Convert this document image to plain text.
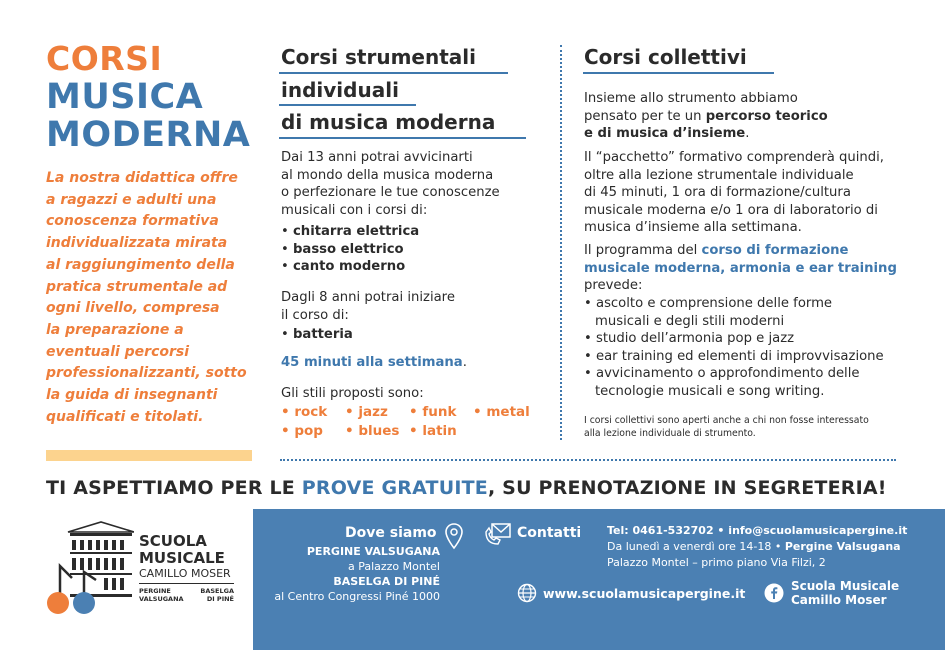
CORSI
MUSICA
MODERNA

La nostra didattica offre
a ragazzi e adulti una
conoscenza formativa
individualizzata mirata
al raggiungimento della
pratica strumentale ad
ogni livello, compresa
la preparazione a
eventuali percorsi
professionalizzanti, sotto
la guida di insegnanti
qualificati e titolati.

Corsi strumentali
individuali
di musica moderna
Dai 13 anni potrai avvicinarti
al mondo della musica moderna
o perfezionare le tue conoscenze
musicali con i corsi di:
• chitarra elettrica
• basso elettrico
• canto moderno
Dagli 8 anni potrai iniziare
il corso di:
• batteria
45 minuti alla settimana.
Gli stili proposti sono:
• rock • jazz • funk • metal
• pop • blues • latin
Corsi collettivi
Insieme allo strumento abbiamo
pensato per te un percorso teorico
e di musica d’insieme.
Il “pacchetto” formativo comprenderà quindi,
oltre alla lezione strumentale individuale
di 45 minuti, 1 ora di formazione/cultura
musicale moderna e/o 1 ora di laboratorio di
musica d’insieme alla settimana.
Il programma del corso di formazione
musicale moderna, armonia e ear training
prevede:
• ascolto e comprensione delle forme
musicali e degli stili moderni
• studio dell’armonia pop e jazz
• ear training ed elementi di improvvisazione
• avvicinamento o approfondimento delle
tecnologie musicali e song writing.
I corsi collettivi sono aperti anche a chi non fosse interessato
alla lezione individuale di strumento.
TI ASPETTIAMO PER LE PROVE GRATUITE, SU PRENOTAZIONE IN SEGRETERIA!
SCUOLA
MUSICALE
CAMILLO MOSER
PERGINE
VALSUGANA
BASELGA
DI PINÉ
Dove siamo
PERGINE VALSUGANA
a Palazzo Montel
BASELGA DI PINÉ
al Centro Congressi Piné 1000
Contatti Tel: 0461-532702 • info@scuolamusicapergine.it
Da lunedì a venerdì ore 14-18 • Pergine Valsugana
Palazzo Montel – primo piano Via Filzi, 2
www.scuolamusicapergine.it	Scuola Musicale
Camillo Moser
